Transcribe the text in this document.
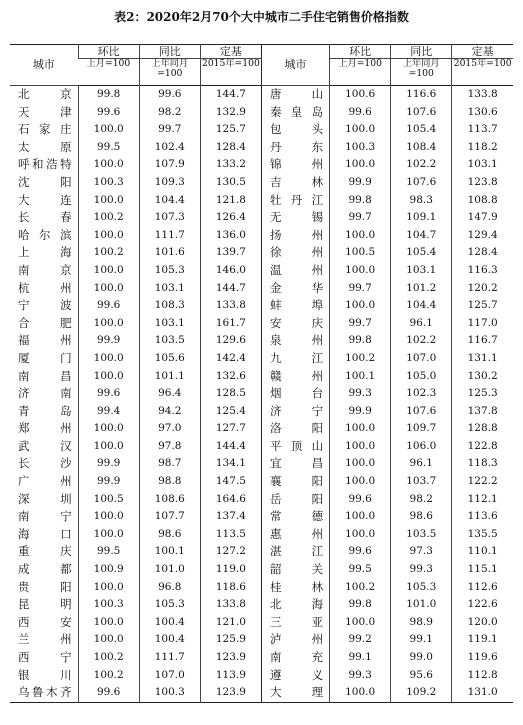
表2：2020年2月70个大中城市二手住宅销售价格指数
城市	环比	同比	定基	城市	环比	同比	定基
	上月=100	上年同月=100	2015年=100		上月=100	上年同月=100	2015年=100
北京	99.8	99.6	144.7	唐山	100.6	116.6	133.8
天津	99.6	98.2	132.9	秦皇岛	99.6	107.6	130.6
石家庄	100.0	99.7	125.7	包头	100.0	105.4	113.7
太原	99.5	102.4	128.4	丹东	100.3	108.4	118.2
呼和浩特	100.0	107.9	133.2	锦州	100.0	102.2	103.1
沈阳	100.3	109.3	130.5	吉林	99.9	107.6	123.8
大连	100.0	104.4	121.8	牡丹江	99.8	98.3	108.8
长春	100.2	107.3	126.4	无锡	99.7	109.1	147.9
哈尔滨	100.0	111.7	136.0	扬州	100.0	104.7	129.4
上海	100.2	101.6	139.7	徐州	100.5	105.4	128.4
南京	100.0	105.3	146.0	温州	100.0	103.1	116.3
杭州	100.0	103.1	144.7	金华	99.7	101.2	120.2
宁波	99.6	108.3	133.8	蚌埠	100.0	104.4	125.7
合肥	100.0	103.1	161.7	安庆	99.7	96.1	117.0
福州	99.9	103.5	129.6	泉州	99.8	102.2	116.7
厦门	100.0	105.6	142.4	九江	100.2	107.0	131.1
南昌	100.0	101.1	132.6	赣州	100.1	105.0	130.2
济南	99.6	96.4	128.5	烟台	99.3	102.3	125.3
青岛	99.4	94.2	125.4	济宁	99.9	107.6	137.8
郑州	100.0	97.0	127.7	洛阳	100.0	109.7	128.8
武汉	100.0	97.8	144.4	平顶山	100.0	106.0	122.8
长沙	99.9	98.7	134.1	宜昌	100.0	96.1	118.3
广州	99.9	98.8	147.5	襄阳	100.0	103.7	122.2
深圳	100.5	108.6	164.6	岳阳	99.6	98.2	112.1
南宁	100.0	107.7	137.4	常德	100.0	98.6	113.6
海口	100.0	98.6	113.5	惠州	100.0	103.5	135.5
重庆	99.5	100.1	127.2	湛江	99.6	97.3	110.1
成都	100.9	101.0	119.0	韶关	99.5	99.3	115.1
贵阳	100.0	96.8	118.6	桂林	100.2	105.3	112.6
昆明	100.3	105.3	133.8	北海	99.8	101.0	122.6
西安	100.0	100.4	121.0	三亚	100.0	98.9	120.0
兰州	100.0	100.4	125.9	泸州	99.2	99.1	119.1
西宁	100.2	111.7	123.9	南充	99.1	99.0	119.6
银川	100.2	107.0	113.9	遵义	99.3	95.6	112.8
乌鲁木齐	99.6	100.3	123.9	大理	100.0	109.2	131.0
